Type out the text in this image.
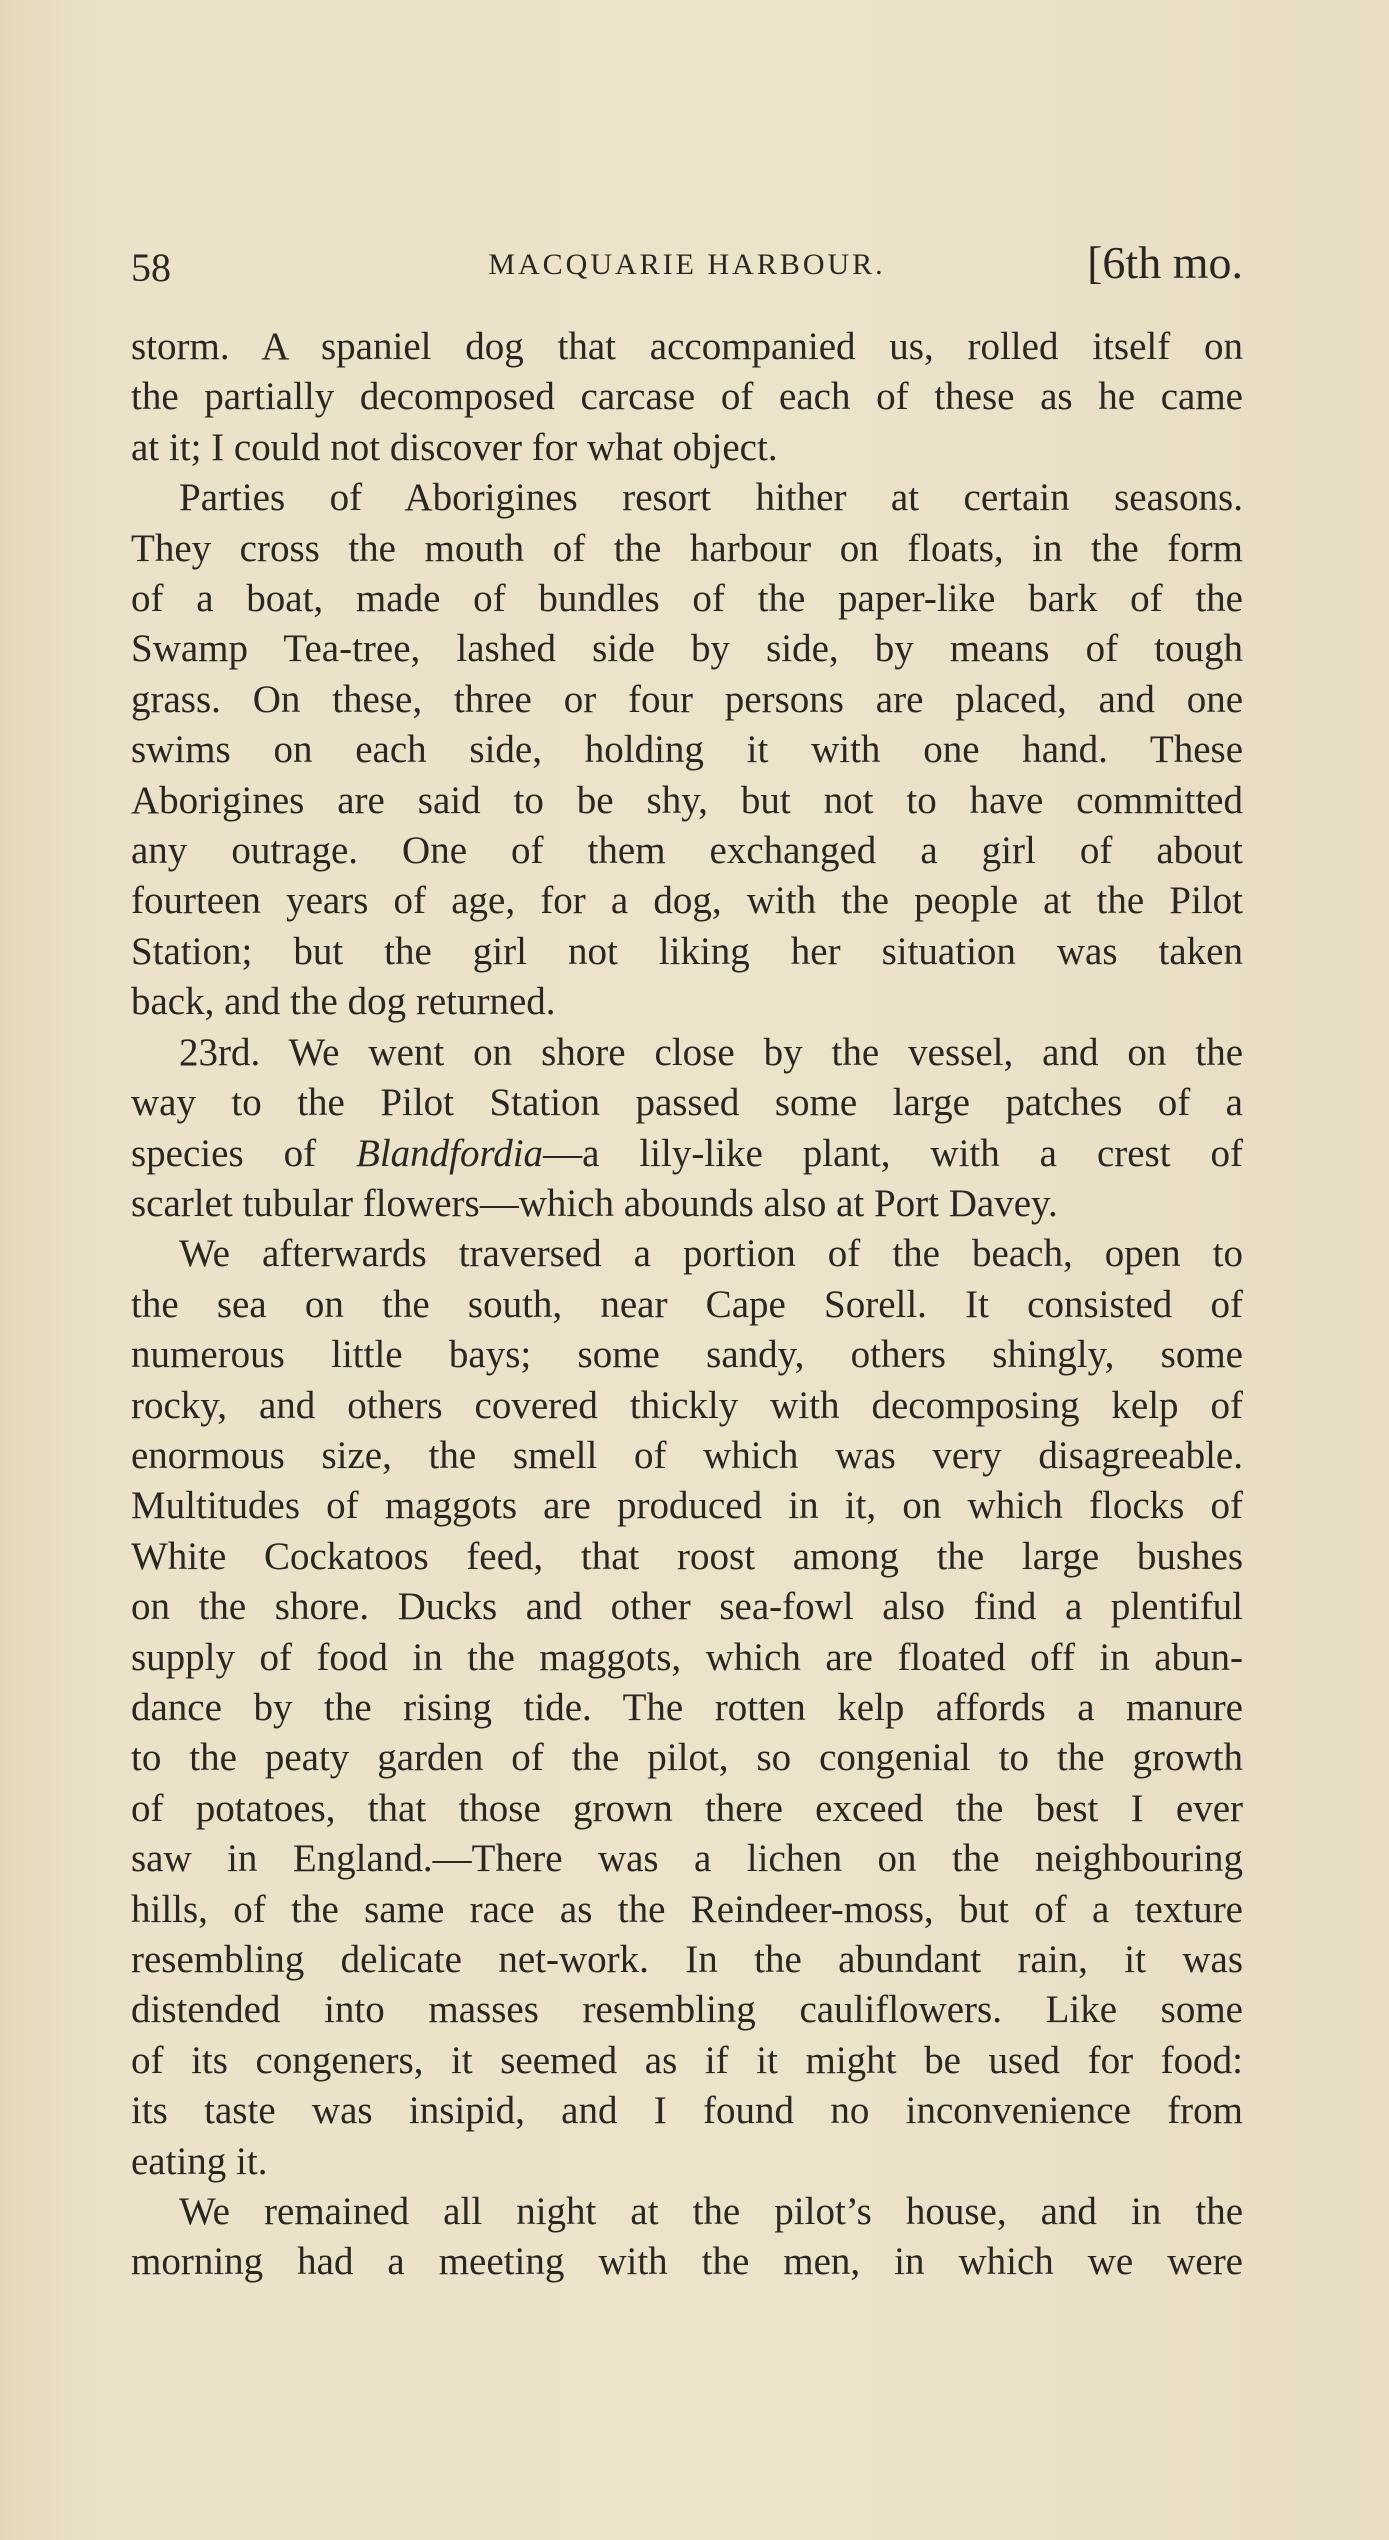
58	MACQUARIE HARBOUR.	[6th mo.
storm. A spaniel dog that accompanied us, rolled itself on
the partially decomposed carcase of each of these as he came
at it; I could not discover for what object.
Parties of Aborigines resort hither at certain seasons.
They cross the mouth of the harbour on floats, in the form
of a boat, made of bundles of the paper-like bark of the
Swamp Tea-tree, lashed side by side, by means of tough
grass. On these, three or four persons are placed, and one
swims on each side, holding it with one hand. These
Aborigines are said to be shy, but not to have committed
any outrage. One of them exchanged a girl of about
fourteen years of age, for a dog, with the people at the Pilot
Station; but the girl not liking her situation was taken
back, and the dog returned.
23rd. We went on shore close by the vessel, and on the
way to the Pilot Station passed some large patches of a
species of Blandfordia—a lily-like plant, with a crest of
scarlet tubular flowers—which abounds also at Port Davey.
We afterwards traversed a portion of the beach, open to
the sea on the south, near Cape Sorell. It consisted of
numerous little bays; some sandy, others shingly, some
rocky, and others covered thickly with decomposing kelp of
enormous size, the smell of which was very disagreeable.
Multitudes of maggots are produced in it, on which flocks of
White Cockatoos feed, that roost among the large bushes
on the shore. Ducks and other sea-fowl also find a plentiful
supply of food in the maggots, which are floated off in abun-
dance by the rising tide. The rotten kelp affords a manure
to the peaty garden of the pilot, so congenial to the growth
of potatoes, that those grown there exceed the best I ever
saw in England.—There was a lichen on the neighbouring
hills, of the same race as the Reindeer-moss, but of a texture
resembling delicate net-work. In the abundant rain, it was
distended into masses resembling cauliflowers. Like some
of its congeners, it seemed as if it might be used for food:
its taste was insipid, and I found no inconvenience from
eating it.
We remained all night at the pilot’s house, and in the
morning had a meeting with the men, in which we were
